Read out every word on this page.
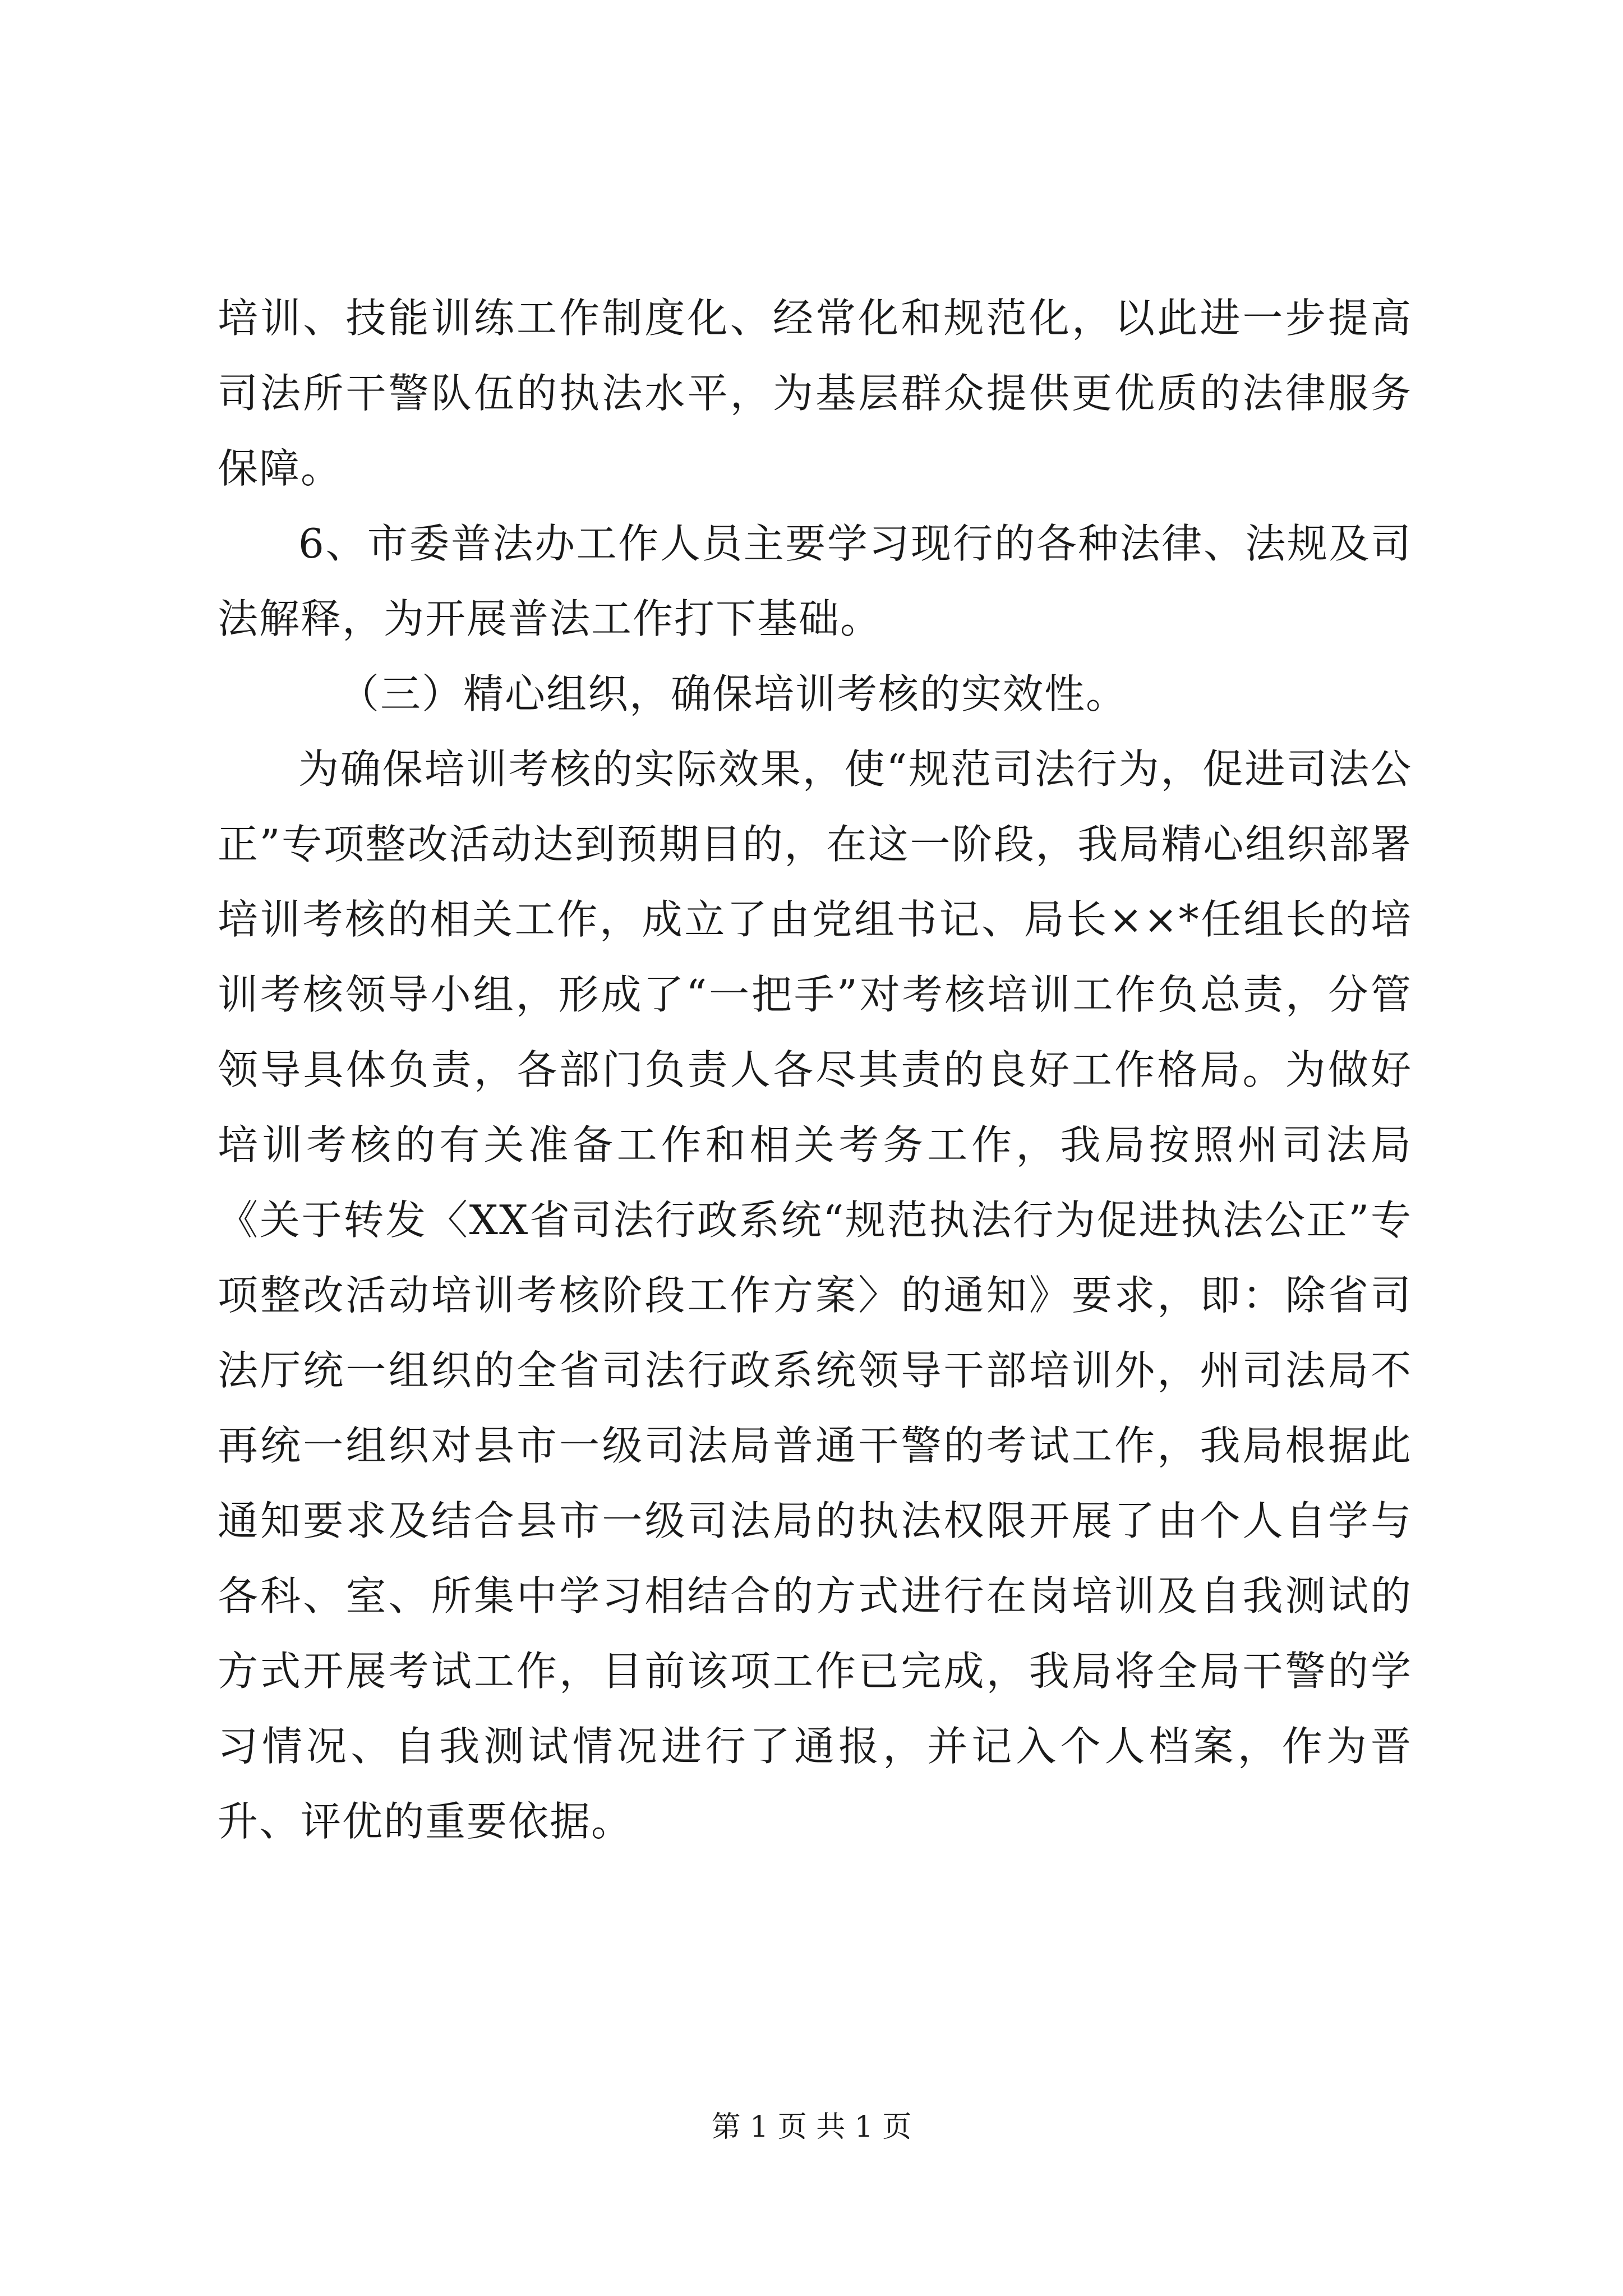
培训、技能训练工作制度化、经常化和规范化，以此进一步提高司法所干警队伍的执法水平，为基层群众提供更优质的法律服务保障。

6、市委普法办工作人员主要学习现行的各种法律、法规及司法解释，为开展普法工作打下基础。

（三）精心组织，确保培训考核的实效性。

为确保培训考核的实际效果，使“规范司法行为，促进司法公正”专项整改活动达到预期目的，在这一阶段，我局精心组织部署培训考核的相关工作，成立了由党组书记、局长××*任组长的培训考核领导小组，形成了“一把手”对考核培训工作负总责，分管领导具体负责，各部门负责人各尽其责的良好工作格局。为做好培训考核的有关准备工作和相关考务工作，我局按照州司法局《关于转发〈XX省司法行政系统“规范执法行为促进执法公正”专项整改活动培训考核阶段工作方案〉的通知》要求，即：除省司法厅统一组织的全省司法行政系统领导干部培训外，州司法局不再统一组织对县市一级司法局普通干警的考试工作，我局根据此通知要求及结合县市一级司法局的执法权限开展了由个人自学与各科、室、所集中学习相结合的方式进行在岗培训及自我测试的方式开展考试工作，目前该项工作已完成，我局将全局干警的学习情况、自我测试情况进行了通报，并记入个人档案，作为晋升、评优的重要依据。

第 1 页 共 1 页
